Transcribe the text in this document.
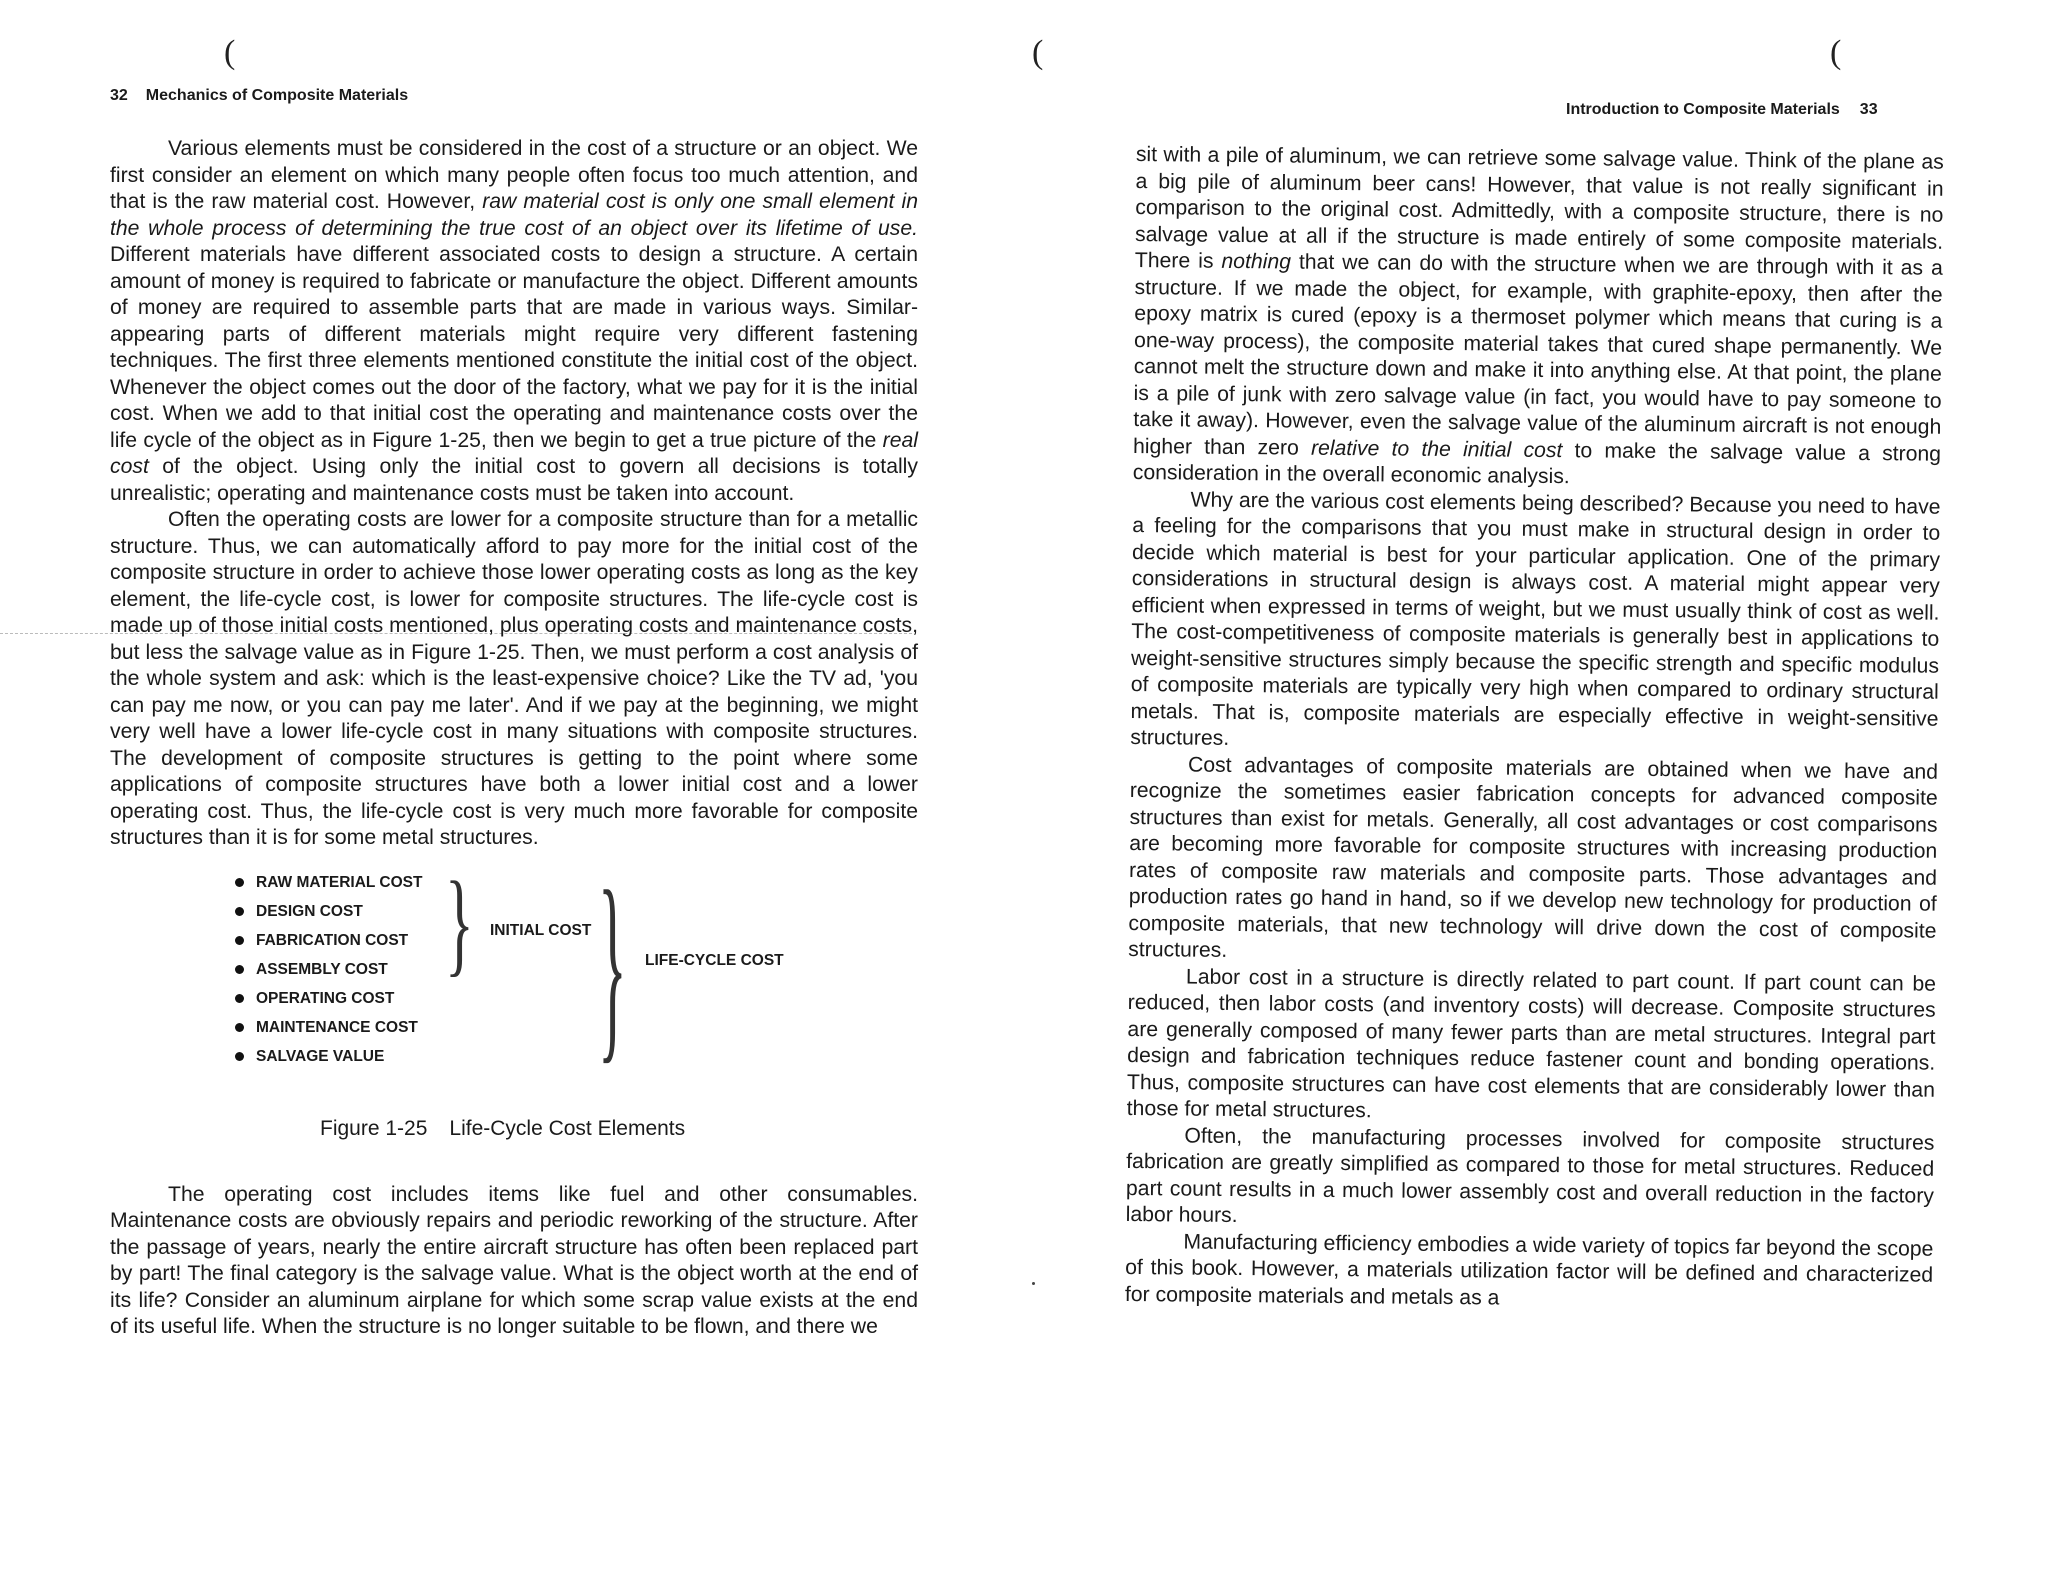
(	(	(
32 Mechanics of Composite Materials
Introduction to Composite Materials 33

Various elements must be considered in the cost of a structure or an object. We first consider an element on which many people often focus too much attention, and that is the raw material cost. However, raw material cost is only one small element in the whole process of determining the true cost of an object over its lifetime of use. Different materials have different associated costs to design a structure. A certain amount of money is required to fabricate or manufacture the object. Different amounts of money are required to assemble parts that are made in various ways. Similar-appearing parts of different materials might require very different fastening techniques. The first three elements mentioned constitute the initial cost of the object. Whenever the object comes out the door of the factory, what we pay for it is the initial cost. When we add to that initial cost the operating and maintenance costs over the life cycle of the object as in Figure 1-25, then we begin to get a true picture of the real cost of the object. Using only the initial cost to govern all decisions is totally unrealistic; operating and maintenance costs must be taken into account.

Often the operating costs are lower for a composite structure than for a metallic structure. Thus, we can automatically afford to pay more for the initial cost of the composite structure in order to achieve those lower operating costs as long as the key element, the life-cycle cost, is lower for composite structures. The life-cycle cost is made up of those initial costs mentioned, plus operating costs and maintenance costs, but less the salvage value as in Figure 1-25. Then, we must perform a cost analysis of the whole system and ask: which is the least-expensive choice? Like the TV ad, 'you can pay me now, or you can pay me later'. And if we pay at the beginning, we might very well have a lower life-cycle cost in many situations with composite structures. The development of composite structures is getting to the point where some applications of composite structures have both a lower initial cost and a lower operating cost. Thus, the life-cycle cost is very much more favorable for composite structures than it is for some metal structures.

RAW MATERIAL COST
DESIGN COST
FABRICATION COST
ASSEMBLY COST
OPERATING COST
MAINTENANCE COST
SALVAGE VALUE
} INITIAL COST } LIFE-CYCLE COST
Figure 1-25 Life-Cycle Cost Elements

The operating cost includes items like fuel and other consumables. Maintenance costs are obviously repairs and periodic reworking of the structure. After the passage of years, nearly the entire aircraft structure has often been replaced part by part! The final category is the salvage value. What is the object worth at the end of its life? Consider an aluminum airplane for which some scrap value exists at the end of its useful life. When the structure is no longer suitable to be flown, and there we

sit with a pile of aluminum, we can retrieve some salvage value. Think of the plane as a big pile of aluminum beer cans! However, that value is not really significant in comparison to the original cost. Admittedly, with a composite structure, there is no salvage value at all if the structure is made entirely of some composite materials. There is nothing that we can do with the structure when we are through with it as a structure. If we made the object, for example, with graphite-epoxy, then after the epoxy matrix is cured (epoxy is a thermoset polymer which means that curing is a one-way process), the composite material takes that cured shape permanently. We cannot melt the structure down and make it into anything else. At that point, the plane is a pile of junk with zero salvage value (in fact, you would have to pay someone to take it away). However, even the salvage value of the aluminum aircraft is not enough higher than zero relative to the initial cost to make the salvage value a strong consideration in the overall economic analysis.

Why are the various cost elements being described? Because you need to have a feeling for the comparisons that you must make in structural design in order to decide which material is best for your particular application. One of the primary considerations in structural design is always cost. A material might appear very efficient when expressed in terms of weight, but we must usually think of cost as well. The cost-competitiveness of composite materials is generally best in applications to weight-sensitive structures simply because the specific strength and specific modulus of composite materials are typically very high when compared to ordinary structural metals. That is, composite materials are especially effective in weight-sensitive structures.

Cost advantages of composite materials are obtained when we have and recognize the sometimes easier fabrication concepts for advanced composite structures than exist for metals. Generally, all cost advantages or cost comparisons are becoming more favorable for composite structures with increasing production rates of composite raw materials and composite parts. Those advantages and production rates go hand in hand, so if we develop new technology for production of composite materials, that new technology will drive down the cost of composite structures.

Labor cost in a structure is directly related to part count. If part count can be reduced, then labor costs (and inventory costs) will decrease. Composite structures are generally composed of many fewer parts than are metal structures. Integral part design and fabrication techniques reduce fastener count and bonding operations. Thus, composite structures can have cost elements that are considerably lower than those for metal structures.

Often, the manufacturing processes involved for composite structures fabrication are greatly simplified as compared to those for metal structures. Reduced part count results in a much lower assembly cost and overall reduction in the factory labor hours.

Manufacturing efficiency embodies a wide variety of topics far beyond the scope of this book. However, a materials utilization factor will be defined and characterized for composite materials and metals as a
